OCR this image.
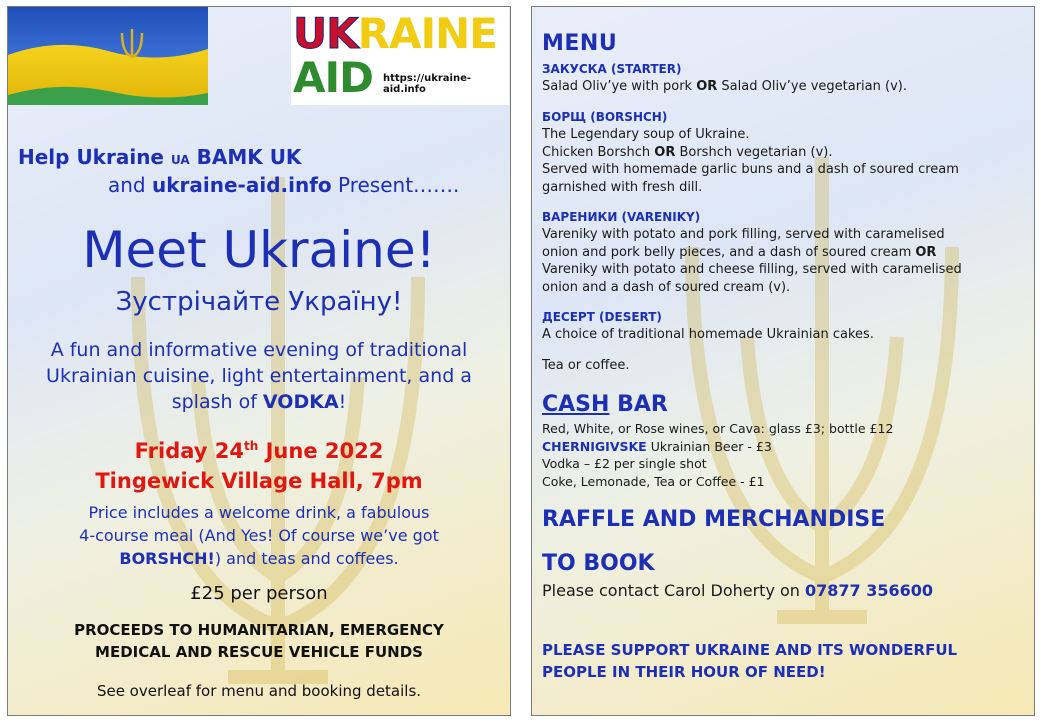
UKRAINE
AID https://ukraine-aid.info
Help Ukraine UA BAMK UK
and ukraine-aid.info Present…….
Meet Ukraine!
Зустрічайте Україну!
A fun and informative evening of traditional
Ukrainian cuisine, light entertainment, and a
splash of VODKA!
Friday 24th June 2022
Tingewick Village Hall, 7pm
Price includes a welcome drink, a fabulous
4-course meal (And Yes! Of course we’ve got
BORSHCH!) and teas and coffees.
£25 per person
PROCEEDS TO HUMANITARIAN, EMERGENCY
MEDICAL AND RESCUE VEHICLE FUNDS
See overleaf for menu and booking details.
MENU
ЗАКУСКА (STARTER)
Salad Oliv’ye with pork OR Salad Oliv’ye vegetarian (v).
БОРЩ (BORSHCH)
The Legendary soup of Ukraine.
Chicken Borshch OR Borshch vegetarian (v).
Served with homemade garlic buns and a dash of soured cream
garnished with fresh dill.
ВАРЕНИКИ (VARENIKY)
Vareniky with potato and pork filling, served with caramelised
onion and pork belly pieces, and a dash of soured cream OR
Vareniky with potato and cheese filling, served with caramelised
onion and a dash of soured cream (v).
ДЕСЕРТ (DESERT)
A choice of traditional homemade Ukrainian cakes.
Tea or coffee.
CASH BAR
Red, White, or Rose wines, or Cava: glass £3; bottle £12
CHERNIGIVSKE Ukrainian Beer - £3
Vodka – £2 per single shot
Coke, Lemonade, Tea or Coffee - £1
RAFFLE AND MERCHANDISE
TO BOOK
Please contact Carol Doherty on 07877 356600
PLEASE SUPPORT UKRAINE AND ITS WONDERFUL
PEOPLE IN THEIR HOUR OF NEED!
